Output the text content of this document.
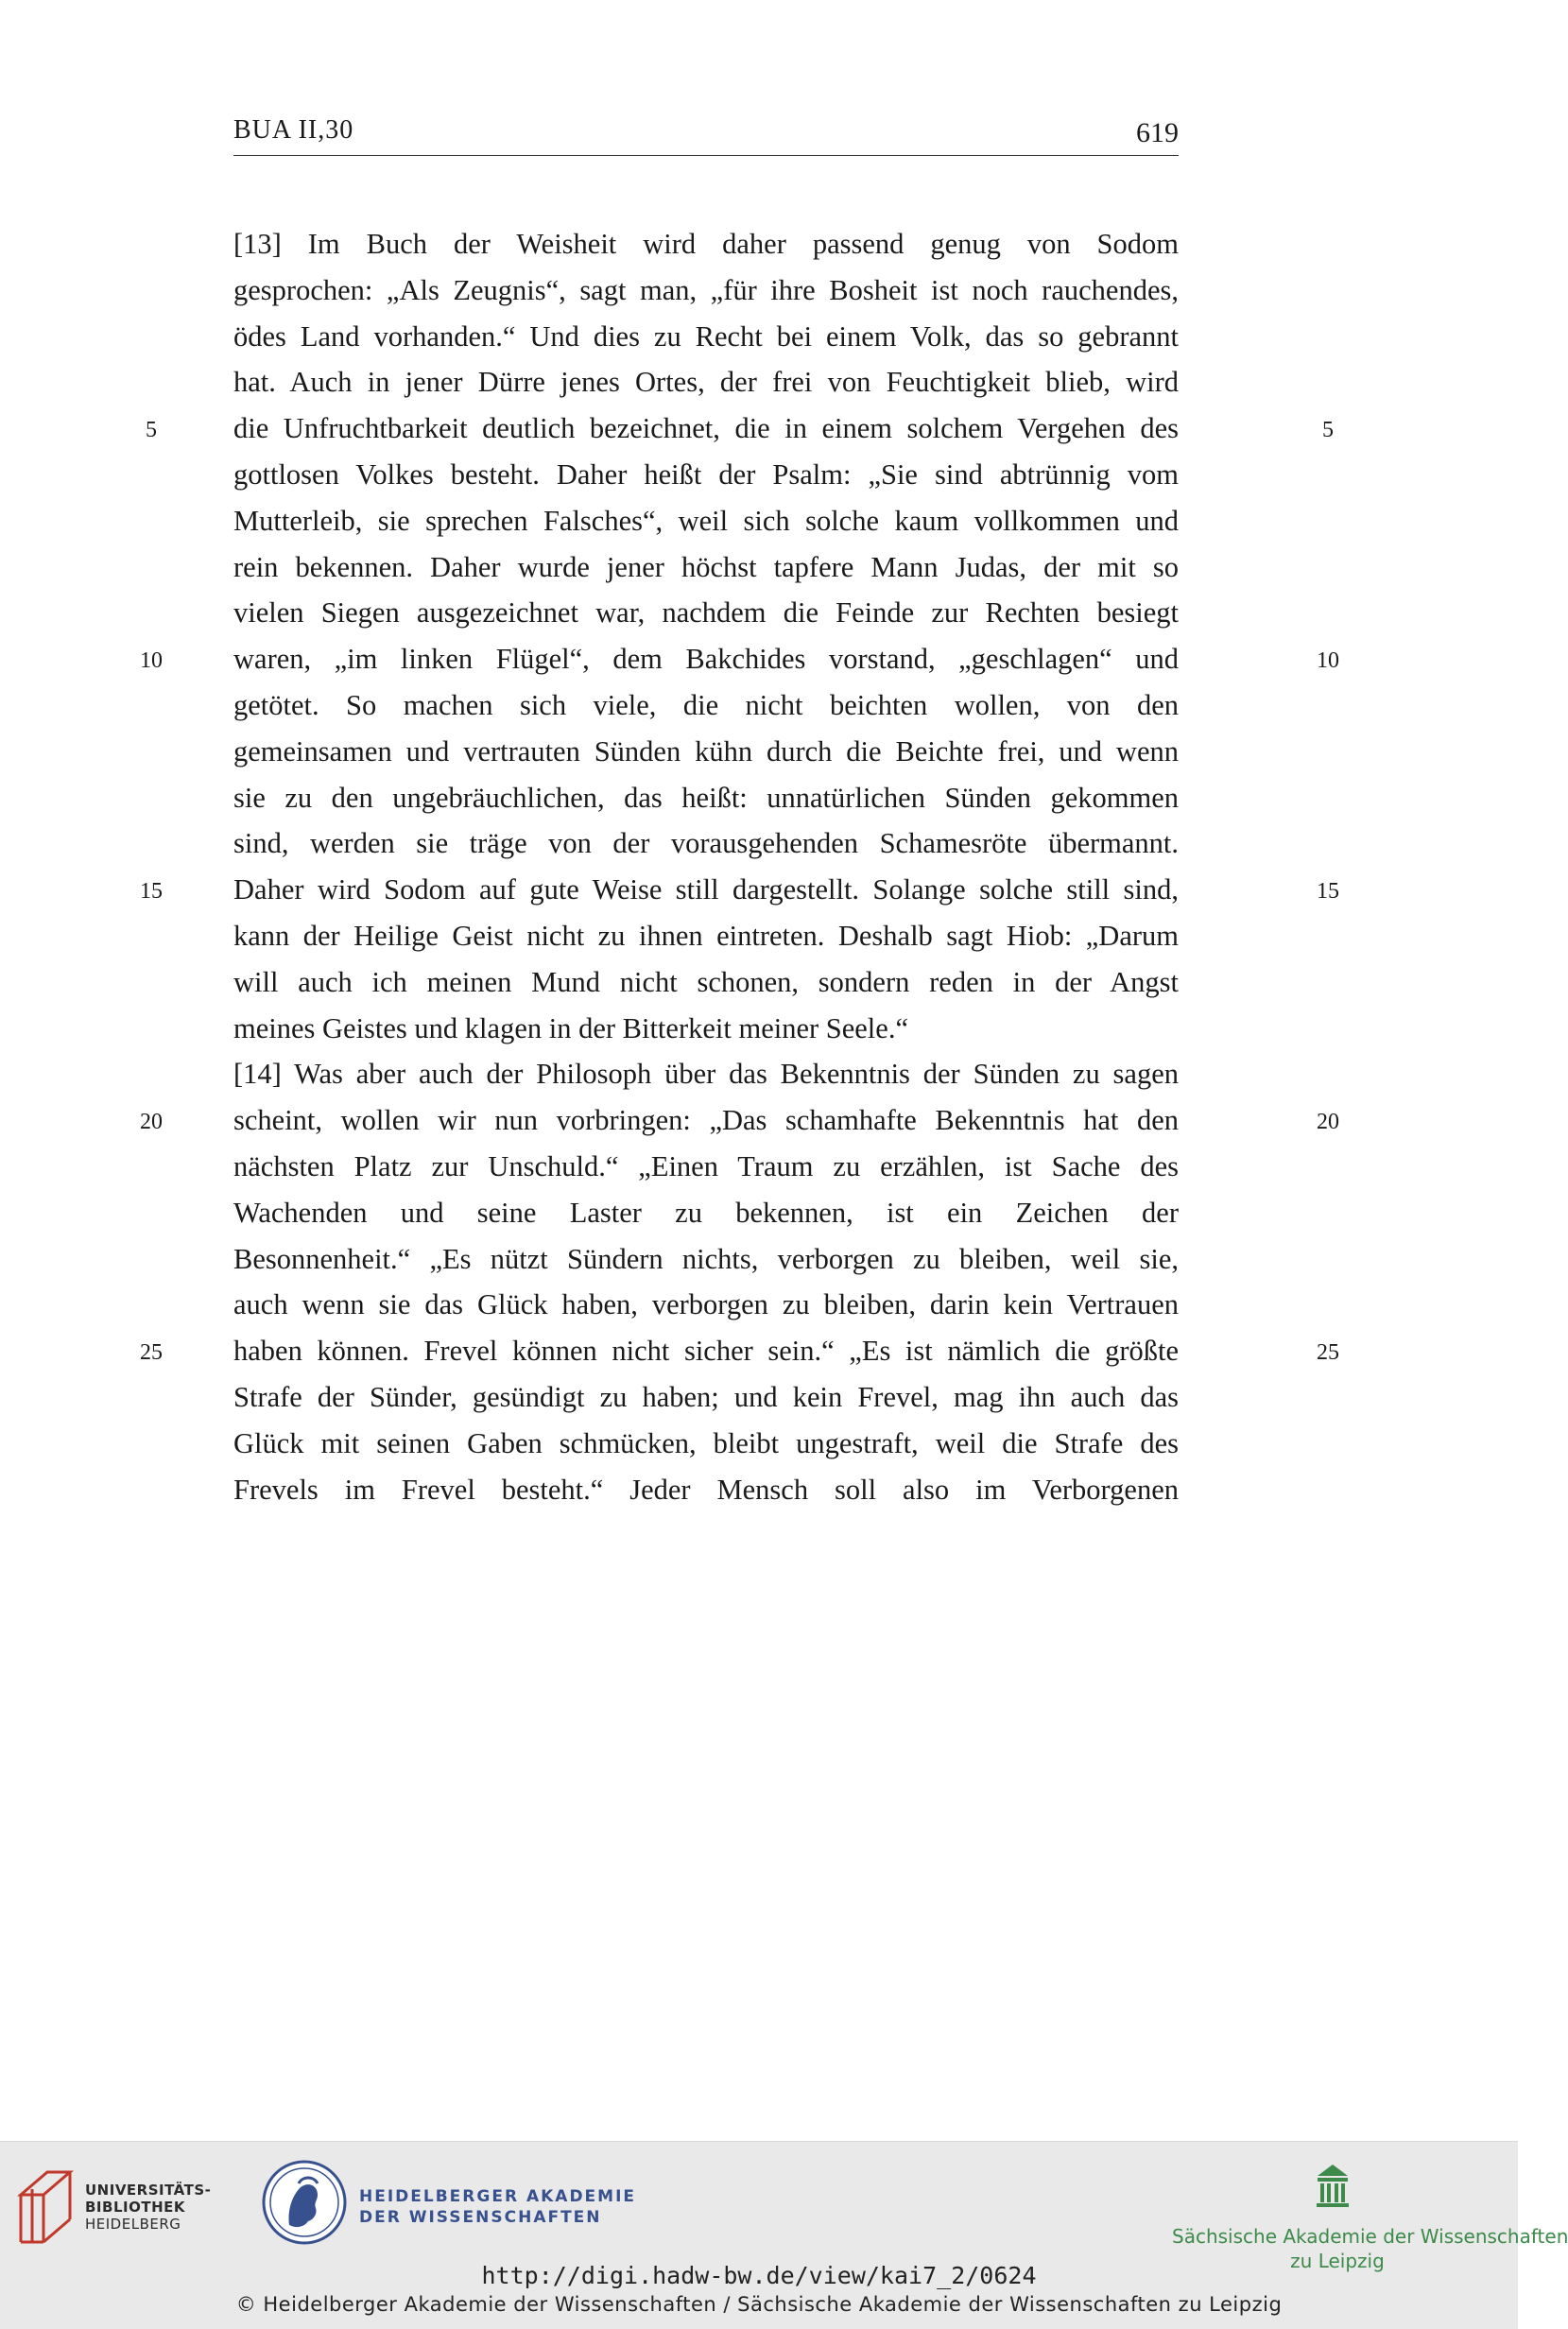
BUA II,30	619
[13] Im Buch der Weisheit wird daher passend genug von Sodom
gesprochen: „Als Zeugnis“, sagt man, „für ihre Bosheit ist noch rauchendes,
ödes Land vorhanden.“ Und dies zu Recht bei einem Volk, das so gebrannt
hat. Auch in jener Dürre jenes Ortes, der frei von Feuchtigkeit blieb, wird
die Unfruchtbarkeit deutlich bezeichnet, die in einem solchem Vergehen des
gottlosen Volkes besteht. Daher heißt der Psalm: „Sie sind abtrünnig vom
Mutterleib, sie sprechen Falsches“, weil sich solche kaum vollkommen und
rein bekennen. Daher wurde jener höchst tapfere Mann Judas, der mit so
vielen Siegen ausgezeichnet war, nachdem die Feinde zur Rechten besiegt
waren, „im linken Flügel“, dem Bakchides vorstand, „geschlagen“ und
getötet. So machen sich viele, die nicht beichten wollen, von den
gemeinsamen und vertrauten Sünden kühn durch die Beichte frei, und wenn
sie zu den ungebräuchlichen, das heißt: unnatürlichen Sünden gekommen
sind, werden sie träge von der vorausgehenden Schamesröte übermannt.
Daher wird Sodom auf gute Weise still dargestellt. Solange solche still sind,
kann der Heilige Geist nicht zu ihnen eintreten. Deshalb sagt Hiob: „Darum
will auch ich meinen Mund nicht schonen, sondern reden in der Angst
meines Geistes und klagen in der Bitterkeit meiner Seele.“
[14] Was aber auch der Philosoph über das Bekenntnis der Sünden zu sagen
scheint, wollen wir nun vorbringen: „Das schamhafte Bekenntnis hat den
nächsten Platz zur Unschuld.“ „Einen Traum zu erzählen, ist Sache des
Wachenden und seine Laster zu bekennen, ist ein Zeichen der
Besonnenheit.“ „Es nützt Sündern nichts, verborgen zu bleiben, weil sie,
auch wenn sie das Glück haben, verborgen zu bleiben, darin kein Vertrauen
haben können. Frevel können nicht sicher sein.“ „Es ist nämlich die größte
Strafe der Sünder, gesündigt zu haben; und kein Frevel, mag ihn auch das
Glück mit seinen Gaben schmücken, bleibt ungestraft, weil die Strafe des
Frevels im Frevel besteht.“ Jeder Mensch soll also im Verborgenen
5	5
10	10
15	15
20	20
25	25
UNIVERSITÄTS-
BIBLIOTHEK
HEIDELBERG
HEIDELBERGER AKADEMIE
DER WISSENSCHAFTEN
Sächsische Akademie der Wissenschaften
zu Leipzig
http://digi.hadw-bw.de/view/kai7_2/0624
© Heidelberger Akademie der Wissenschaften / Sächsische Akademie der Wissenschaften zu Leipzig
